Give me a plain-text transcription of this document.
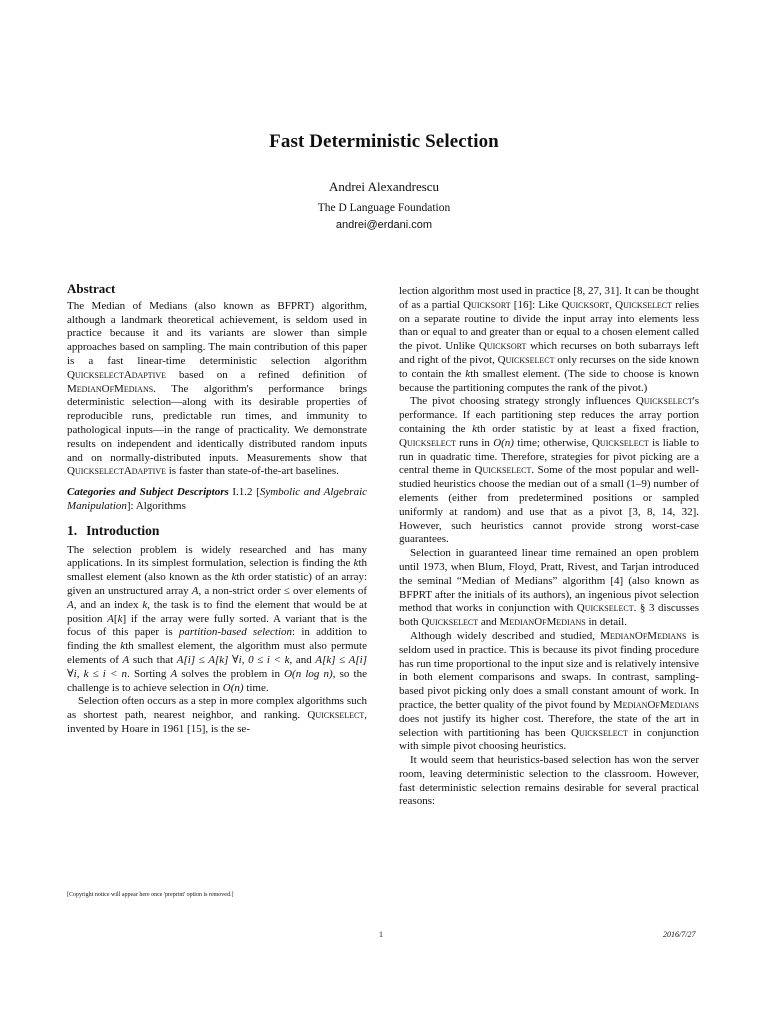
Fast Deterministic Selection
Andrei Alexandrescu
The D Language Foundation
andrei@erdani.com
Abstract

The Median of Medians (also known as BFPRT) algorithm, although a landmark theoretical achievement, is seldom used in practice because it and its variants are slower than simple approaches based on sampling. The main contribution of this paper is a fast linear-time deterministic selection algorithm QuickselectAdaptive based on a refined definition of MedianOfMedians. The algorithm's performance brings deterministic selection—along with its desirable properties of reproducible runs, predictable run times, and immunity to pathological inputs—in the range of practicality. We demonstrate results on independent and identically distributed random inputs and on normally-distributed inputs. Measurements show that QuickselectAdaptive is faster than state-of-the-art baselines.

Categories and Subject Descriptors I.1.2 [Symbolic and Algebraic Manipulation]: Algorithms

1. Introduction

The selection problem is widely researched and has many applications. In its simplest formulation, selection is finding the kth smallest element (also known as the kth order statistic) of an array: given an unstructured array A, a non-strict order ≤ over elements of A, and an index k, the task is to find the element that would be at position A[k] if the array were fully sorted. A variant that is the focus of this paper is partition-based selection: in addition to finding the kth smallest element, the algorithm must also permute elements of A such that A[i] ≤ A[k] ∀i, 0 ≤ i < k, and A[k] ≤ A[i] ∀i, k ≤ i < n. Sorting A solves the problem in O(n log n), so the challenge is to achieve selection in O(n) time.

Selection often occurs as a step in more complex algorithms such as shortest path, nearest neighbor, and ranking. Quickselect, invented by Hoare in 1961 [15], is the se-

lection algorithm most used in practice [8, 27, 31]. It can be thought of as a partial Quicksort [16]: Like Quicksort, Quickselect relies on a separate routine to divide the input array into elements less than or equal to and greater than or equal to a chosen element called the pivot. Unlike Quicksort which recurses on both subarrays left and right of the pivot, Quickselect only recurses on the side known to contain the kth smallest element. (The side to choose is known because the partitioning computes the rank of the pivot.)

The pivot choosing strategy strongly influences Quickselect's performance. If each partitioning step reduces the array portion containing the kth order statistic by at least a fixed fraction, Quickselect runs in O(n) time; otherwise, Quickselect is liable to run in quadratic time. Therefore, strategies for pivot picking are a central theme in Quickselect. Some of the most popular and well-studied heuristics choose the median out of a small (1–9) number of elements (either from predetermined positions or sampled uniformly at random) and use that as a pivot [3, 8, 14, 32]. However, such heuristics cannot provide strong worst-case guarantees.

Selection in guaranteed linear time remained an open problem until 1973, when Blum, Floyd, Pratt, Rivest, and Tarjan introduced the seminal “Median of Medians” algorithm [4] (also known as BFPRT after the initials of its authors), an ingenious pivot selection method that works in conjunction with Quickselect. § 3 discusses both Quickselect and MedianOfMedians in detail.

Although widely described and studied, MedianOfMedians is seldom used in practice. This is because its pivot finding procedure has run time proportional to the input size and is relatively intensive in both element comparisons and swaps. In contrast, sampling-based pivot picking only does a small constant amount of work. In practice, the better quality of the pivot found by MedianOfMedians does not justify its higher cost. Therefore, the state of the art in selection with partitioning has been Quickselect in conjunction with simple pivot choosing heuristics.

It would seem that heuristics-based selection has won the server room, leaving deterministic selection to the classroom. However, fast deterministic selection remains desirable for several practical reasons:

[Copyright notice will appear here once 'preprint' option is removed.]
1	2016/7/27
